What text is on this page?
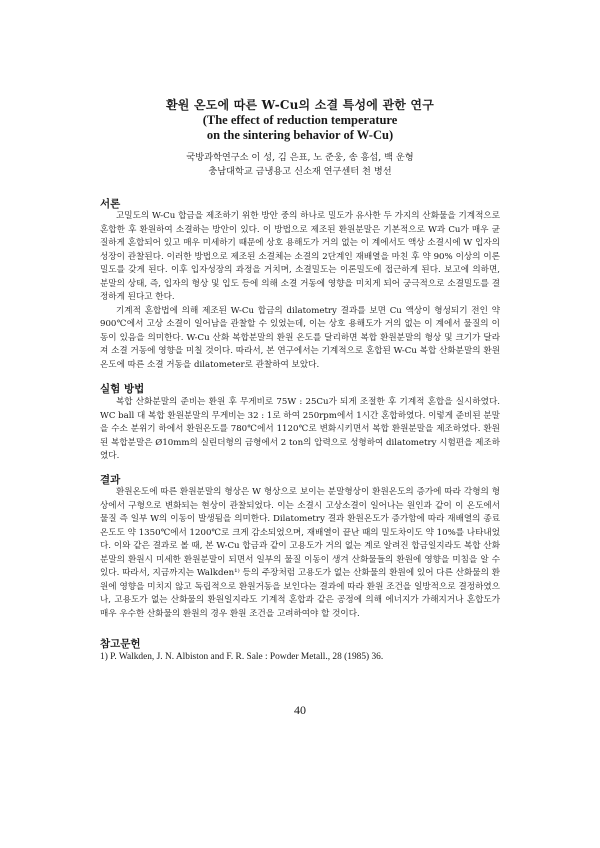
환원 온도에 따른 W-Cu의 소결 특성에 관한 연구
(The effect of reduction temperature
on the sintering behavior of W-Cu)
국방과학연구소 이 성, 김 은표, 노 준웅, 송 흥섭, 백 운형
충남대학교 금냉용고 신소재 연구센터 천 병선
서론

고밀도의 W-Cu 합금을 제조하기 위한 방안 중의 하나로 밀도가 유사한 두 가지의 산화물을 기계적으로 혼합한 후 환원하여 소결하는 방안이 있다. 이 방법으로 제조된 환원분말은 기본적으로 W과 Cu가 매우 균질하게 혼합되어 있고 매우 미세하기 때문에 상호 용해도가 거의 없는 이 계에서도 액상 소결시에 W 입자의 성장이 관찰된다. 이러한 방법으로 제조된 소결체는 소결의 2단계인 재배열을 마친 후 약 90% 이상의 이론밀도를 갖게 된다. 이후 입자성장의 과정을 거치며, 소결밀도는 이론밀도에 접근하게 된다. 보고에 의하면, 분말의 상태, 즉, 입자의 형상 및 입도 등에 의해 소결 거동에 영향을 미치게 되어 궁극적으로 소결밀도를 결정하게 된다고 한다.

기계적 혼합법에 의해 제조된 W-Cu 합금의 dilatometry 결과를 보면 Cu 액상이 형성되기 전인 약 900℃에서 고상 소결이 일어남을 관찰할 수 있었는데, 이는 상호 용해도가 거의 없는 이 계에서 물질의 이동이 있음을 의미한다. W-Cu 산화 복합분말의 환원 온도를 달리하면 복합 환원분말의 형상 및 크기가 달라져 소결 거동에 영향을 미칠 것이다. 따라서, 본 연구에서는 기계적으로 혼합된 W-Cu 복합 산화분말의 환원온도에 따른 소결 거동을 dilatometer로 관찰하여 보았다.

실험 방법

복합 산화분말의 준비는 환원 후 무게비로 75W : 25Cu가 되게 조절한 후 기계적 혼합을 실시하였다. WC ball 대 복합 환원분말의 무게비는 32 : 1로 하여 250rpm에서 1시간 혼합하였다. 이렇게 준비된 분말을 수소 분위기 하에서 환원온도를 780℃에서 1120℃로 변화시키면서 복합 환원분말을 제조하였다. 환원된 복합분말은 Ø10mm의 실린더형의 금형에서 2 ton의 압력으로 성형하여 dilatometry 시험편을 제조하였다.

결과

환원온도에 따른 환원분말의 형상은 W 형상으로 보이는 분말형상이 환원온도의 증가에 따라 각형의 형상에서 구형으로 변화되는 현상이 관찰되었다. 이는 소결시 고상소결이 일어나는 원인과 같이 이 온도에서 물질 즉 일부 W의 이동이 발생됨을 의미한다. Dilatometry 결과 환원온도가 증가함에 따라 재배열의 종료 온도도 약 1350℃에서 1200℃로 크게 감소되었으며, 재배열이 끝난 때의 밀도차이도 약 10%를 나타내었다. 이와 같은 결과로 볼 때, 본 W-Cu 합금과 같이 고용도가 거의 없는 계로 알려진 합금일지라도 복합 산화 분말의 환원시 미세한 환원분말이 되면서 일부의 물질 이동이 생겨 산화물들의 환원에 영향을 미침을 알 수 있다. 따라서, 지금까지는 Walkden¹⁾ 등의 주장처럼 고용도가 없는 산화물의 환원에 있어 다른 산화물의 환원에 영향을 미치지 않고 독립적으로 환원거동을 보인다는 결과에 따라 환원 조건을 일방적으로 결정하였으나, 고용도가 없는 산화물의 환원일지라도 기계적 혼합과 같은 공정에 의해 에너지가 가해지거나 혼합도가 매우 우수한 산화물의 환원의 경우 환원 조건을 고려하여야 할 것이다.

참고문헌
1) P. Walkden, J. N. Albiston and F. R. Sale : Powder Metall., 28 (1985) 36.
40
